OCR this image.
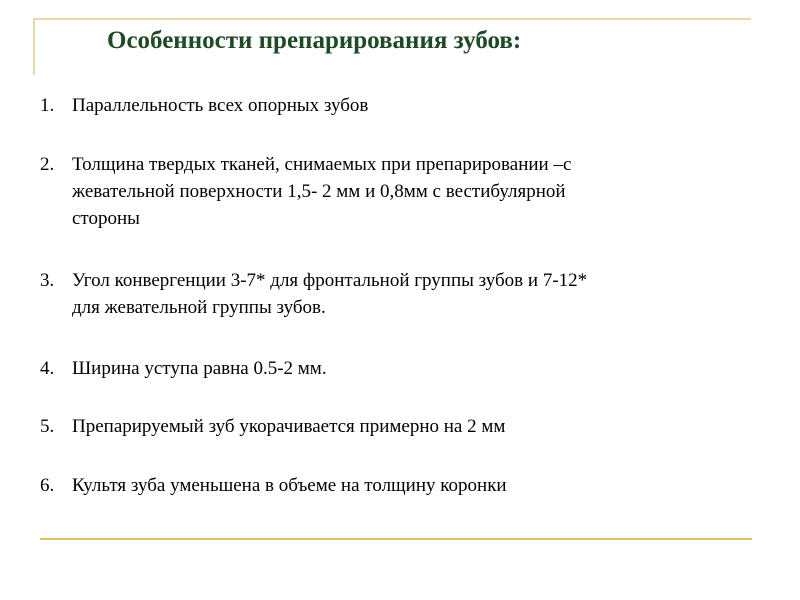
Особенности препарирования зубов:
1. Параллельность всех опорных зубов
2. Толщина твердых тканей, снимаемых при препарировании –с
жевательной поверхности 1,5- 2 мм и 0,8мм с вестибулярной
стороны
3. Угол конвергенции 3-7* для фронтальной группы зубов и 7-12*
для жевательной группы зубов.
4. Ширина уступа равна 0.5-2 мм.
5. Препарируемый зуб укорачивается примерно на 2 мм
6. Культя зуба уменьшена в объеме на толщину коронки
